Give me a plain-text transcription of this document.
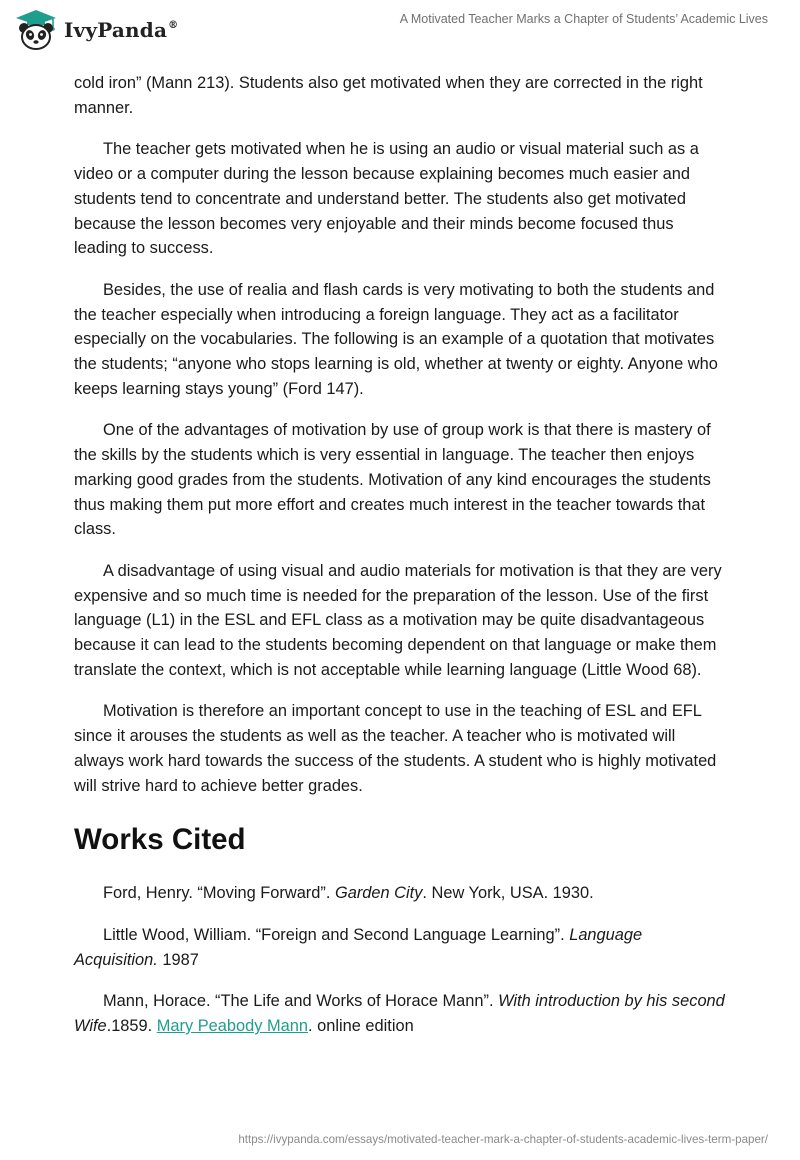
IvyPanda®	A Motivated Teacher Marks a Chapter of Students’ Academic Lives

cold iron” (Mann 213). Students also get motivated when they are corrected in the right manner.

The teacher gets motivated when he is using an audio or visual material such as a video or a computer during the lesson because explaining becomes much easier and students tend to concentrate and understand better. The students also get motivated because the lesson becomes very enjoyable and their minds become focused thus leading to success.

Besides, the use of realia and flash cards is very motivating to both the students and the teacher especially when introducing a foreign language. They act as a facilitator especially on the vocabularies. The following is an example of a quotation that motivates the students; “anyone who stops learning is old, whether at twenty or eighty. Anyone who keeps learning stays young” (Ford 147).

One of the advantages of motivation by use of group work is that there is mastery of the skills by the students which is very essential in language. The teacher then enjoys marking good grades from the students. Motivation of any kind encourages the students thus making them put more effort and creates much interest in the teacher towards that class.

A disadvantage of using visual and audio materials for motivation is that they are very expensive and so much time is needed for the preparation of the lesson. Use of the first language (L1) in the ESL and EFL class as a motivation may be quite disadvantageous because it can lead to the students becoming dependent on that language or make them translate the context, which is not acceptable while learning language (Little Wood 68).

Motivation is therefore an important concept to use in the teaching of ESL and EFL since it arouses the students as well as the teacher. A teacher who is motivated will always work hard towards the success of the students. A student who is highly motivated will strive hard to achieve better grades.

Works Cited

Ford, Henry. “Moving Forward”. Garden City. New York, USA. 1930.

Little Wood, William. “Foreign and Second Language Learning”. Language Acquisition. 1987

Mann, Horace. “The Life and Works of Horace Mann”. With introduction by his second Wife.1859. Mary Peabody Mann. online edition

https://ivypanda.com/essays/motivated-teacher-mark-a-chapter-of-students-academic-lives-term-paper/
